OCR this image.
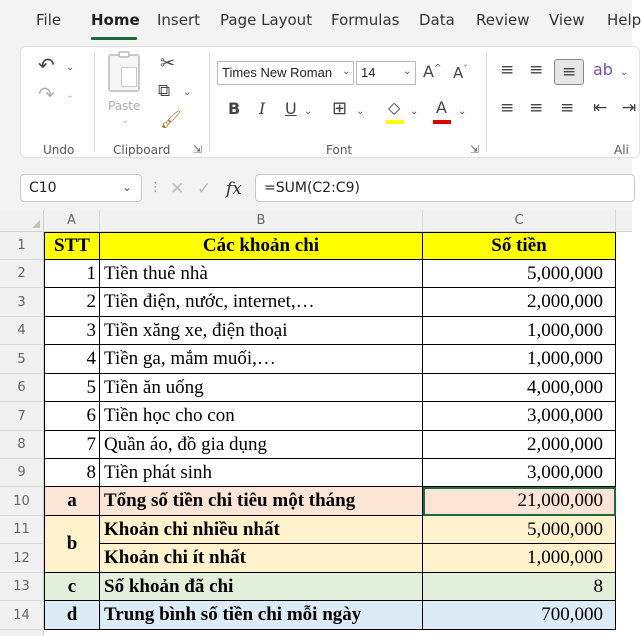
File Home Insert Page Layout Formulas Data Review View Help
↶ ⌄
↷ ⌄
Undo
Paste
⌄
✂
⧉ ⌄
🖌
Clipboard ⇲
Times New Roman ⌄ 14	⌄ A^ $A^ˇ$
B I U ⌄ ⊞ ⌄ ◇ ⌄ A ⌄
Font	⇲
≡ ≡ ≡ ab ⌄
≡ ≡ ≡ ⇤ ⇥
Ali
C10	⌄ ⋮ ✕ ✓ fx	=SUM(C2:C9)
A	B	C
1
2
3
4
5
6
7
8
9
10
11
12
13
14
STT	Các khoản chi	Số tiền
1 Tiền thuê nhà	5,000,000
2 Tiền điện, nước, internet,…	2,000,000
3 Tiền xăng xe, điện thoại	1,000,000
4 Tiền ga, mắm muối,…	1,000,000
5 Tiền ăn uống	4,000,000
6 Tiền học cho con	3,000,000
7 Quần áo, đồ gia dụng	2,000,000
8 Tiền phát sinh	3,000,000
a	Tổng số tiền chi tiêu một tháng	21,000,000
b
Khoản chi nhiều nhất	5,000,000
Khoản chi ít nhất	1,000,000
c	Số khoản đã chi	8
d	Trung bình số tiền chi mỗi ngày	700,000
